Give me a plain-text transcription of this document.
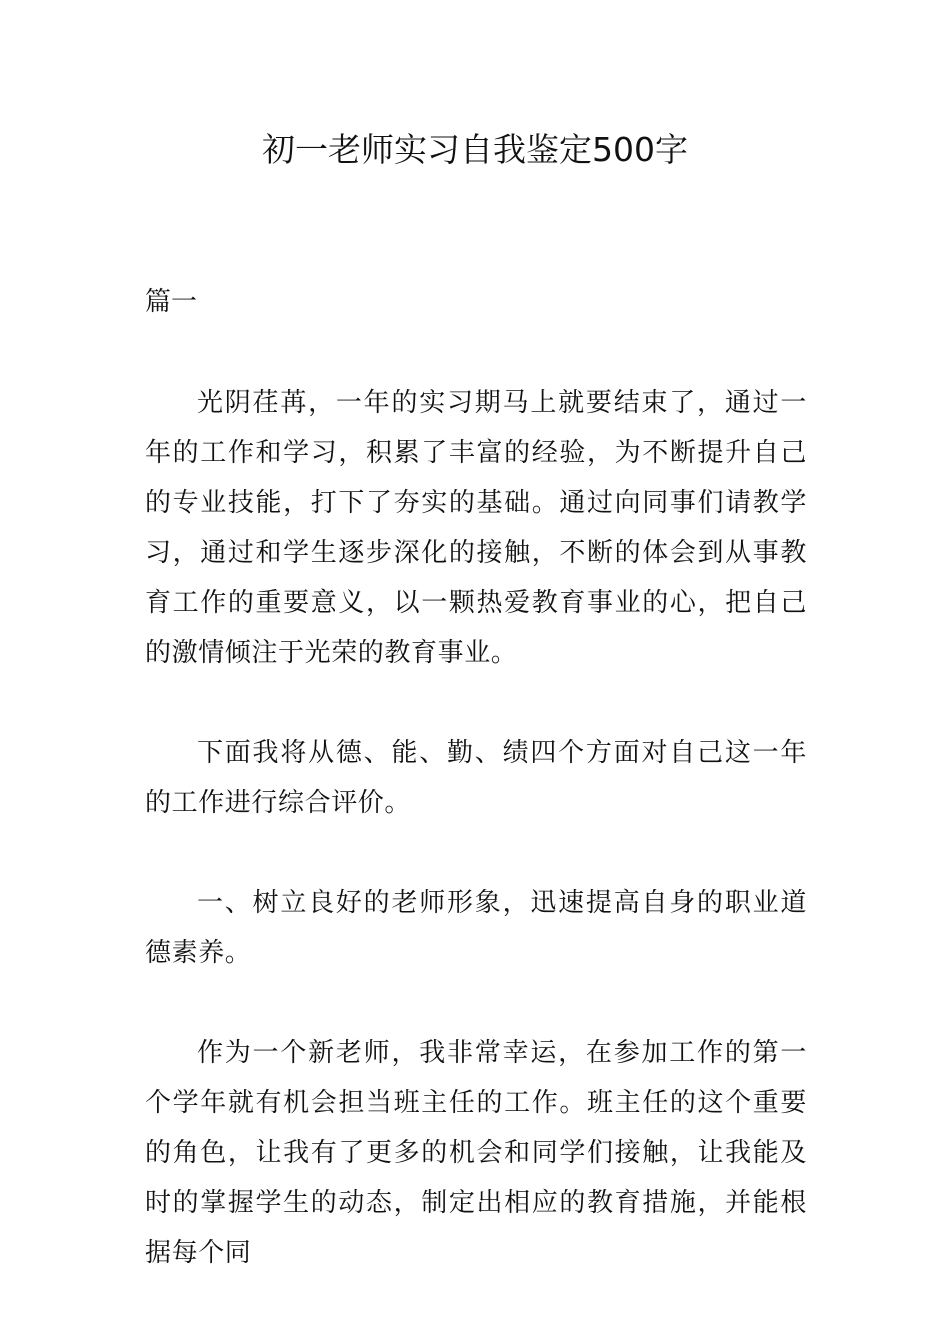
初一老师实习自我鉴定500字
篇一

光阴荏苒，一年的实习期马上就要结束了，通过一年的工作和学习，积累了丰富的经验，为不断提升自己的专业技能，打下了夯实的基础。通过向同事们请教学习，通过和学生逐步深化的接触，不断的体会到从事教育工作的重要意义，以一颗热爱教育事业的心，把自己的激情倾注于光荣的教育事业。

下面我将从德、能、勤、绩四个方面对自己这一年的工作进行综合评价。

一、树立良好的老师形象，迅速提高自身的职业道德素养。

作为一个新老师，我非常幸运，在参加工作的第一个学年就有机会担当班主任的工作。班主任的这个重要的角色，让我有了更多的机会和同学们接触，让我能及时的掌握学生的动态，制定出相应的教育措施，并能根据每个同
